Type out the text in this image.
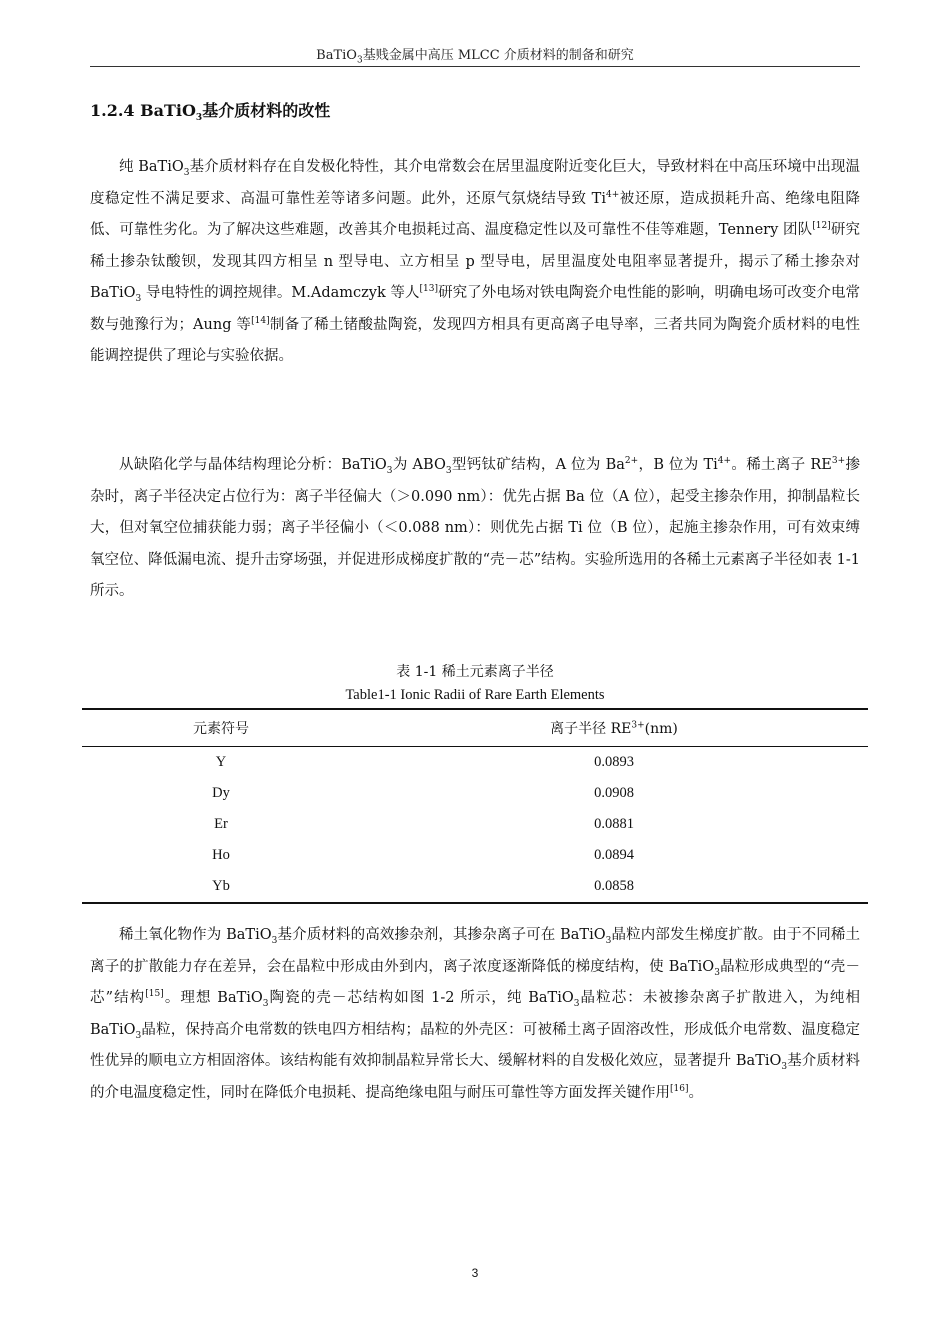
BaTiO$_3$基贱金属中高压 MLCC 介质材料的制备和研究
1.2.4 BaTiO$_3$基介质材料的改性

纯 BaTiO$_3$基介质材料存在自发极化特性，其介电常数会在居里温度附近变化巨大，导致材料在中高压环境中出现温度稳定性不满足要求、高温可靠性差等诸多问题。此外，还原气氛烧结导致 $Ti^{4+}$被还原，造成损耗升高、绝缘电阻降低、可靠性劣化。为了解决这些难题，改善其介电损耗过高、温度稳定性以及可靠性不佳等难题，Tennery 团队[12]研究稀土掺杂钛酸钡，发现其四方相呈 n 型导电、立方相呈 p 型导电，居里温度处电阻率显著提升，揭示了稀土掺杂对 BaTiO$_3$ 导电特性的调控规律。M.Adamczyk 等人[13]研究了外电场对铁电陶瓷介电性能的影响，明确电场可改变介电常数与弛豫行为；Aung 等[14]制备了稀土锗酸盐陶瓷，发现四方相具有更高离子电导率，三者共同为陶瓷介质材料的电性能调控提供了理论与实验依据。

从缺陷化学与晶体结构理论分析：BaTiO$_3$为 $ABO_3$型钙钛矿结构，A 位为 $Ba^{2+}$，B 位为 $Ti^{4+}$。稀土离子 $RE^{3+}$掺杂时，离子半径决定占位行为：离子半径偏大（＞0.090 nm）：优先占据 Ba 位（A 位），起受主掺杂作用，抑制晶粒长大，但对氧空位捕获能力弱；离子半径偏小（＜0.088 nm）：则优先占据 Ti 位（B 位），起施主掺杂作用，可有效束缚氧空位、降低漏电流、提升击穿场强，并促进形成梯度扩散的“壳－芯”结构。实验所选用的各稀土元素离子半径如表 1-1 所示。

表 1-1 稀土元素离子半径
Table1-1 Ionic Radii of Rare Earth Elements
元素符号	离子半径 $RE^{3+}(nm)$
Y	0.0893
Dy	0.0908
Er	0.0881
Ho	0.0894
Yb	0.0858

稀土氧化物作为 BaTiO$_3$基介质材料的高效掺杂剂，其掺杂离子可在 BaTiO$_3$晶粒内部发生梯度扩散。由于不同稀土离子的扩散能力存在差异，会在晶粒中形成由外到内，离子浓度逐渐降低的梯度结构，使 BaTiO$_3$晶粒形成典型的“壳－芯”结构[15]。理想 BaTiO$_3$陶瓷的壳－芯结构如图 1-2 所示，纯 BaTiO$_3$晶粒芯：未被掺杂离子扩散进入，为纯相 BaTiO$_3$晶粒，保持高介电常数的铁电四方相结构；晶粒的外壳区：可被稀土离子固溶改性，形成低介电常数、温度稳定性优异的顺电立方相固溶体。该结构能有效抑制晶粒异常长大、缓解材料的自发极化效应，显著提升 BaTiO$_3$基介质材料的介电温度稳定性，同时在降低介电损耗、提高绝缘电阻与耐压可靠性等方面发挥关键作用[16]。

3
